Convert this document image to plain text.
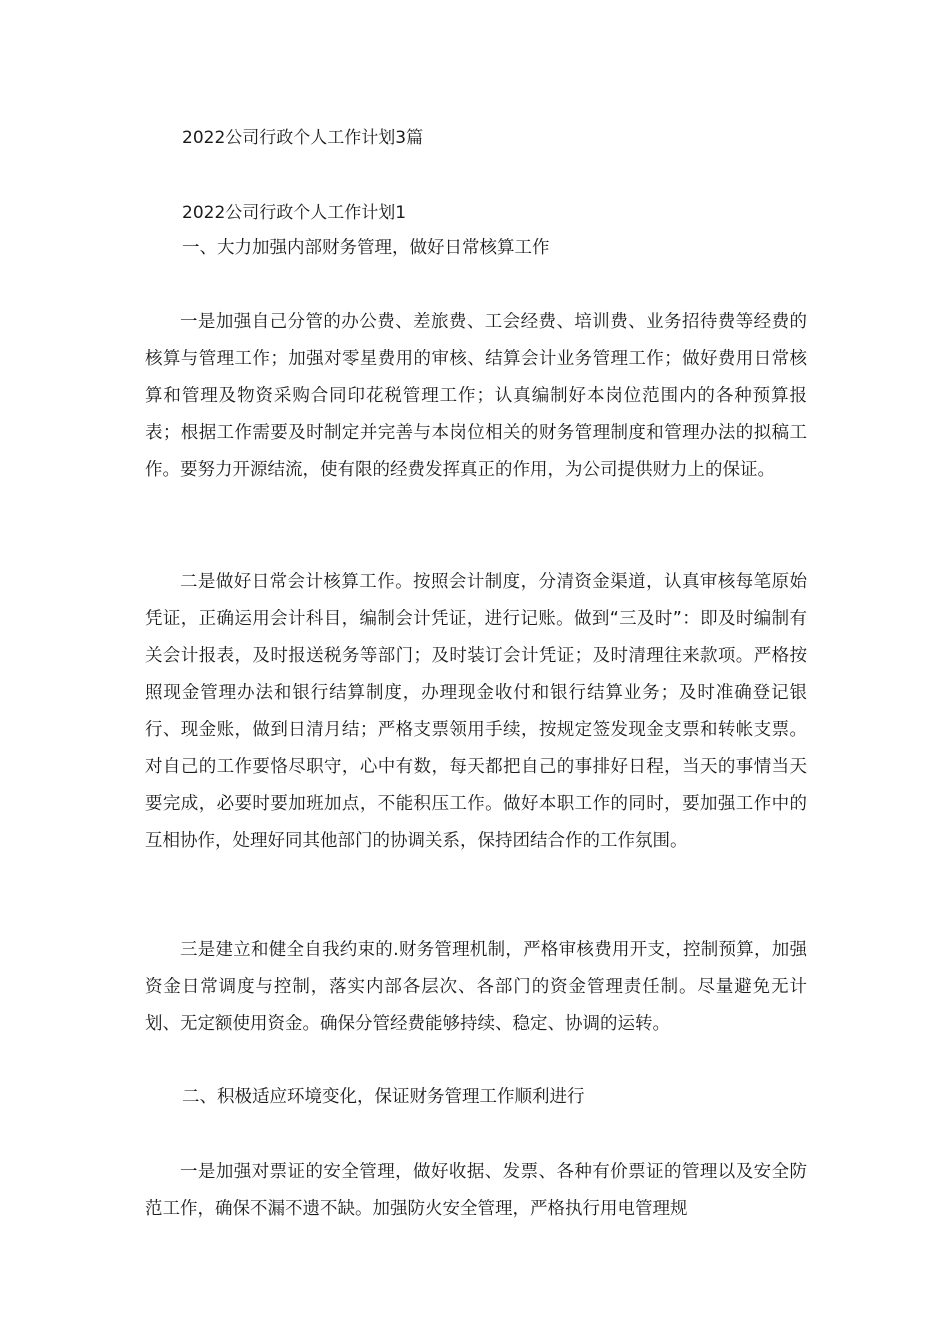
2022公司行政个人工作计划3篇
2022公司行政个人工作计划1
一、大力加强内部财务管理，做好日常核算工作

一是加强自己分管的办公费、差旅费、工会经费、培训费、业务招待费等经费的核算与管理工作；加强对零星费用的审核、结算会计业务管理工作；做好费用日常核算和管理及物资采购合同印花税管理工作；认真编制好本岗位范围内的各种预算报表；根据工作需要及时制定并完善与本岗位相关的财务管理制度和管理办法的拟稿工作。要努力开源结流，使有限的经费发挥真正的作用，为公司提供财力上的保证。

二是做好日常会计核算工作。按照会计制度，分清资金渠道，认真审核每笔原始凭证，正确运用会计科目，编制会计凭证，进行记账。做到“三及时”：即及时编制有关会计报表，及时报送税务等部门；及时装订会计凭证；及时清理往来款项。严格按照现金管理办法和银行结算制度，办理现金收付和银行结算业务；及时准确登记银行、现金账，做到日清月结；严格支票领用手续，按规定签发现金支票和转帐支票。对自己的工作要恪尽职守，心中有数，每天都把自己的事排好日程，当天的事情当天要完成，必要时要加班加点，不能积压工作。做好本职工作的同时，要加强工作中的互相协作，处理好同其他部门的协调关系，保持团结合作的工作氛围。

三是建立和健全自我约束的.财务管理机制，严格审核费用开支，控制预算，加强资金日常调度与控制，落实内部各层次、各部门的资金管理责任制。尽量避免无计划、无定额使用资金。确保分管经费能够持续、稳定、协调的运转。

二、积极适应环境变化，保证财务管理工作顺利进行

一是加强对票证的安全管理，做好收据、发票、各种有价票证的管理以及安全防范工作，确保不漏不遗不缺。加强防火安全管理，严格执行用电管理规
